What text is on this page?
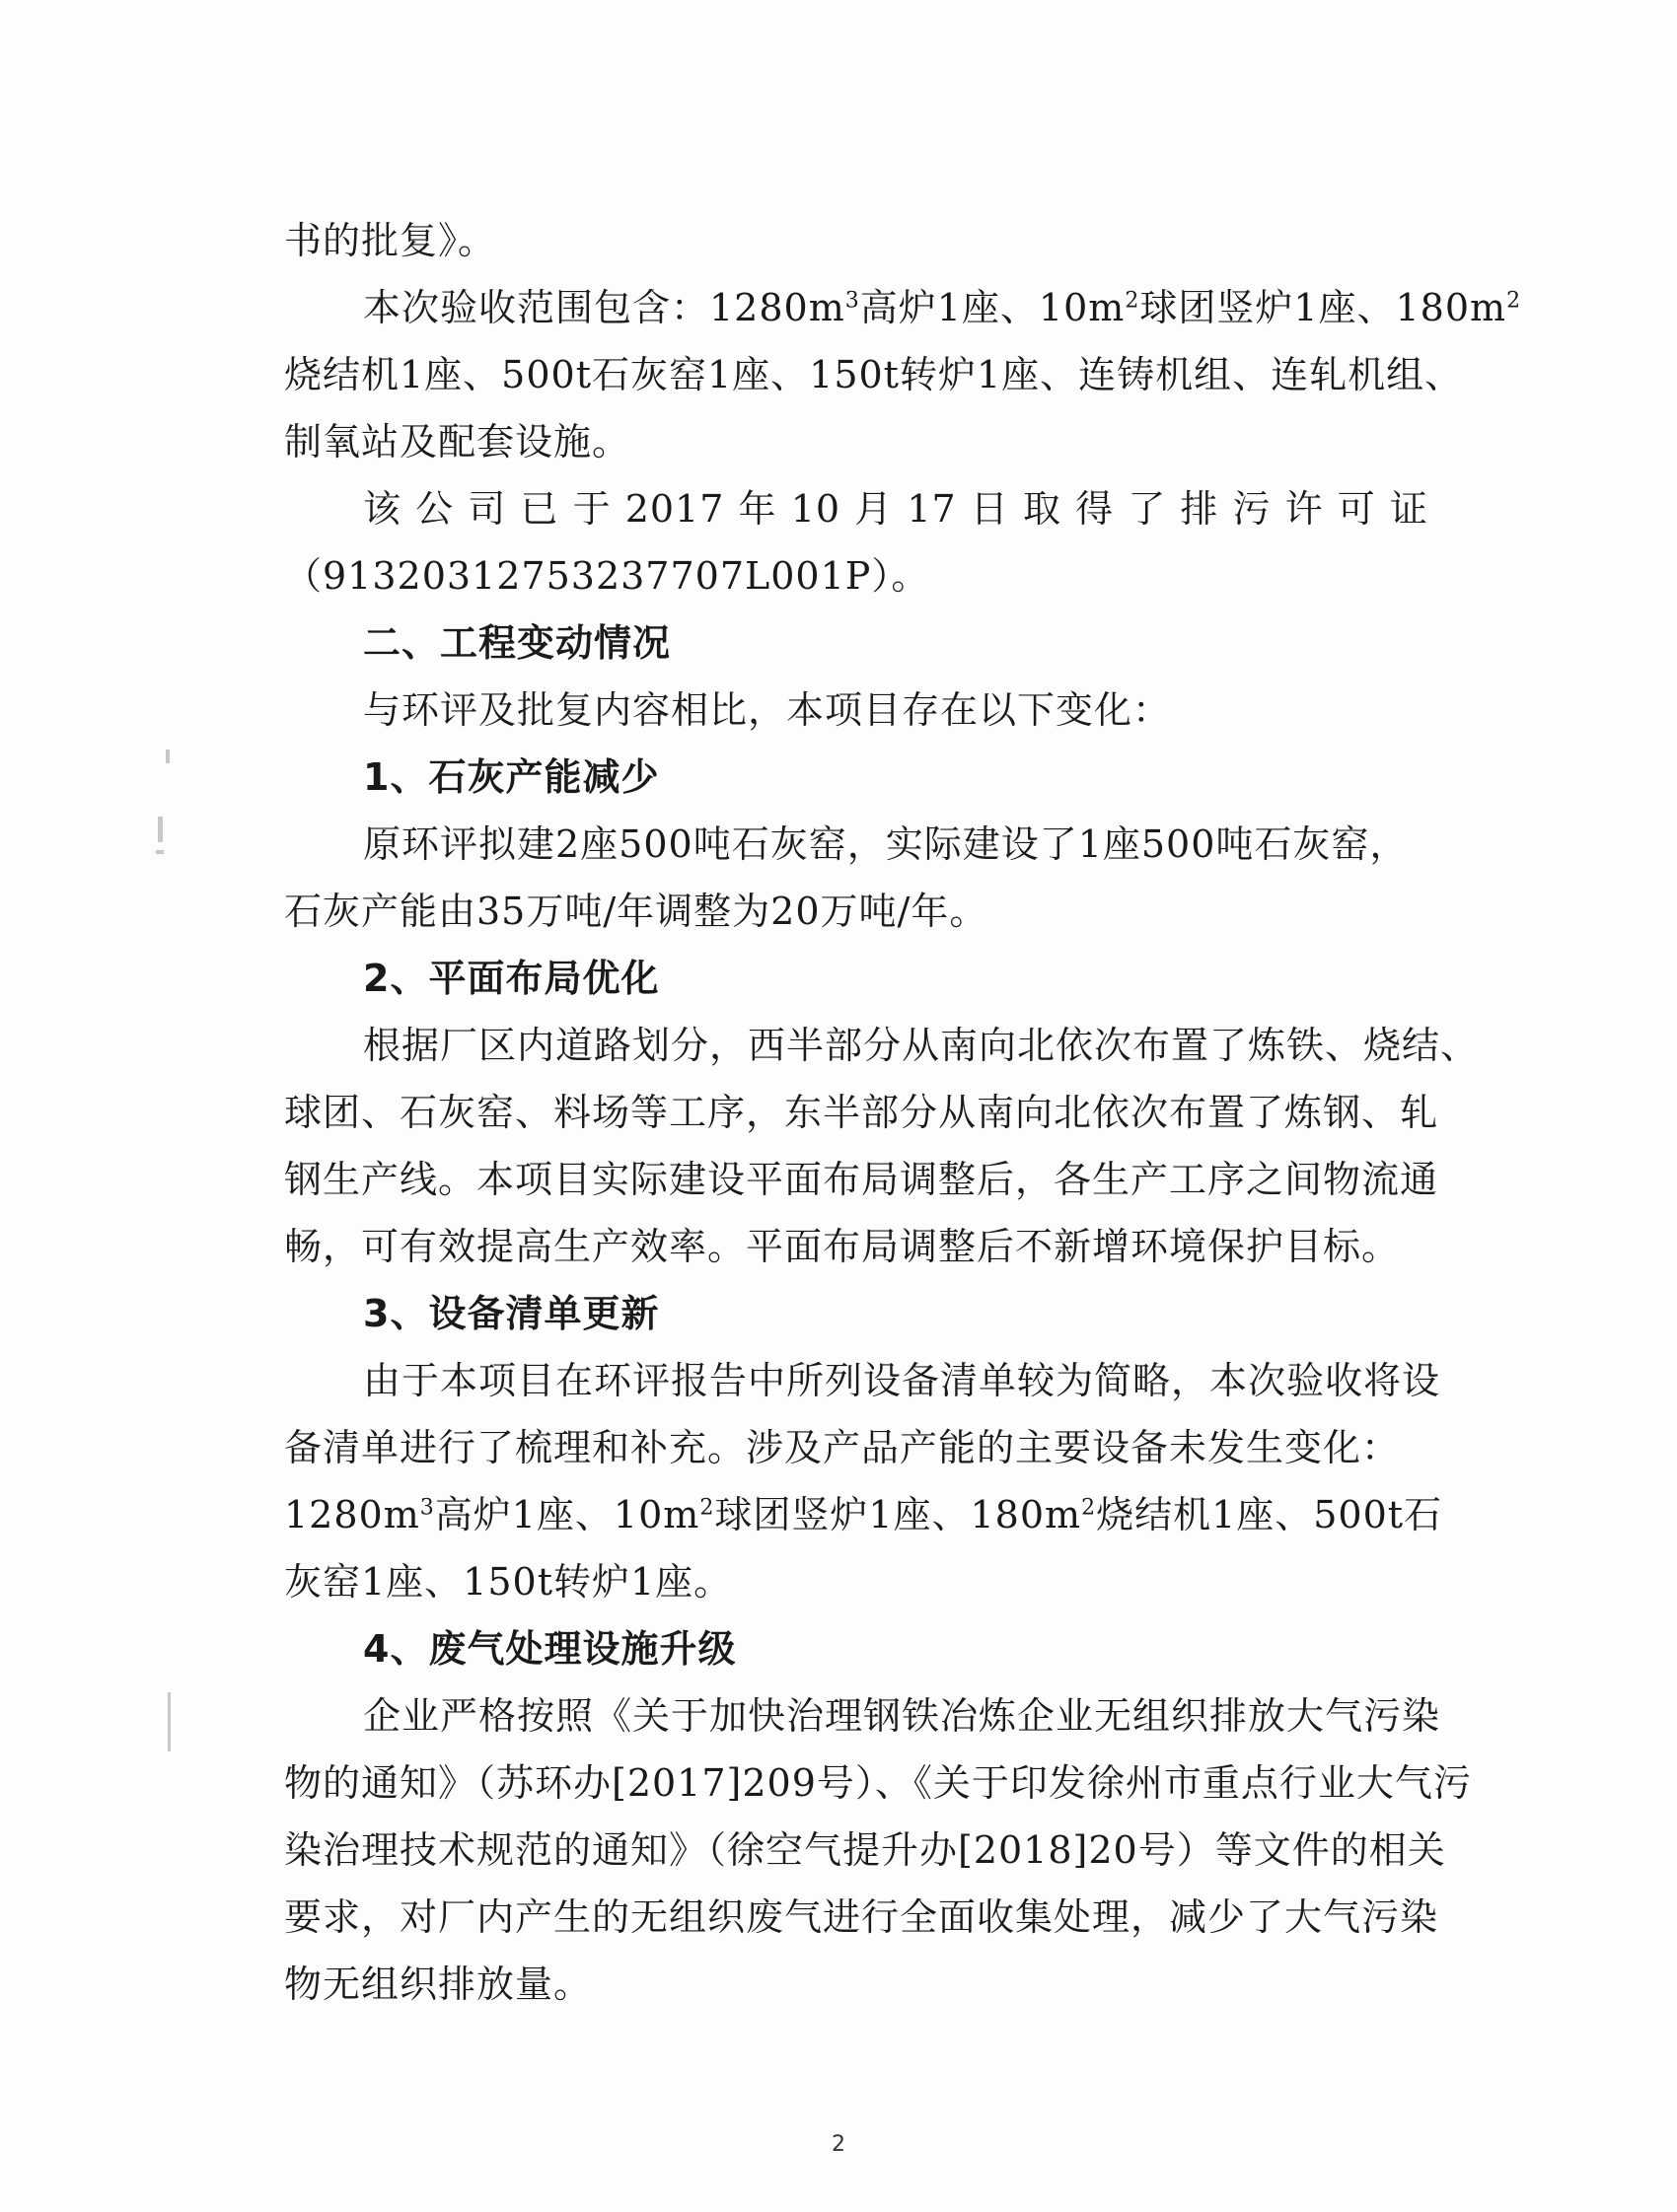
书的批复》。
本次验收范围包含：$1280m^3$高炉1座、$10m^2$球团竖炉1座、$180m^2$
烧结机1座、500t石灰窑1座、150t转炉1座、连铸机组、连轧机组、
制氧站及配套设施。
该 公 司 已 于 2017 年 10 月 17 日 取 得 了 排 污 许 可 证
（91320312753237707L001P）。
二、工程变动情况
与环评及批复内容相比，本项目存在以下变化：
1、石灰产能减少
原环评拟建2座500吨石灰窑，实际建设了1座500吨石灰窑，
石灰产能由35万吨/年调整为20万吨/年。
2、平面布局优化
根据厂区内道路划分，西半部分从南向北依次布置了炼铁、烧结、
球团、石灰窑、料场等工序，东半部分从南向北依次布置了炼钢、轧
钢生产线。本项目实际建设平面布局调整后，各生产工序之间物流通
畅，可有效提高生产效率。平面布局调整后不新增环境保护目标。
3、设备清单更新
由于本项目在环评报告中所列设备清单较为简略，本次验收将设
备清单进行了梳理和补充。涉及产品产能的主要设备未发生变化：
$1280m^3$高炉1座、$10m^2$球团竖炉1座、$180m^2$烧结机1座、500t石
灰窑1座、150t转炉1座。
4、废气处理设施升级
企业严格按照《关于加快治理钢铁冶炼企业无组织排放大气污染
物的通知》（苏环办[2017]209号）、《关于印发徐州市重点行业大气污
染治理技术规范的通知》（徐空气提升办[2018]20号）等文件的相关
要求，对厂内产生的无组织废气进行全面收集处理，减少了大气污染
物无组织排放量。
2
